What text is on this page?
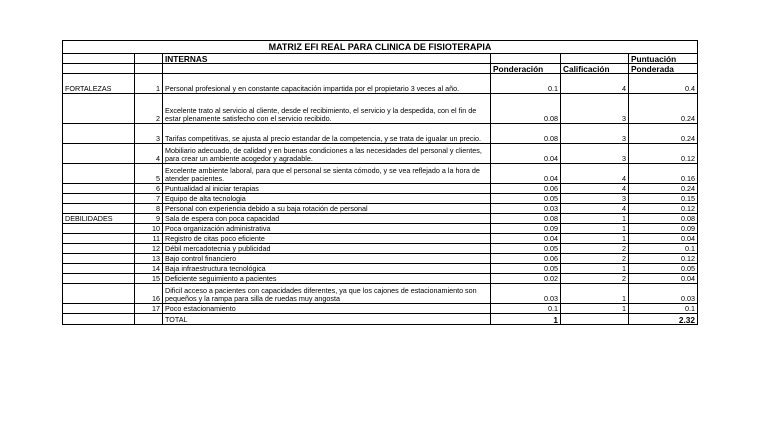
MATRIZ EFI REAL PARA CLINICA DE FISIOTERAPIA					
		INTERNAS			Puntuación
			Ponderación	Calificación	Ponderada
FORTALEZAS	1	Personal profesional y en constante capacitación impartida por el propietario 3 veces al año.	0.1	4	0.4
	2	Excelente trato al servicio al cliente, desde el recibimiento, el servicio y la despedida, con el fin de estar plenamente satisfecho con el servicio recibido.	0.08	3	0.24
	3	Tarifas competitivas, se ajusta al precio estandar de la competencia, y se trata de igualar un precio.	0.08	3	0.24
	4	Mobiliario adecuado, de calidad y en buenas condiciones a las necesidades del personal y clientes, para crear un ambiente acogedor y agradable.	0.04	3	0.12
	5	Excelente ambiente laboral, para que el personal se sienta cómodo, y se vea reflejado a la hora de atender pacientes.	0.04	4	0.16
	6	Puntualidad al iniciar terapias	0.06	4	0.24
	7	Equipo de alta tecnologia	0.05	3	0.15
	8	Personal con experiencia debido a su baja rotación de personal	0.03	4	0.12
DEBILIDADES	9	Sala de espera con poca capacidad	0.08	1	0.08
	10	Poca organización administrativa	0.09	1	0.09
	11	Registro de citas poco eficiente	0.04	1	0.04
	12	Débil mercadotecnia y publicidad	0.05	2	0.1
	13	Bajo control financiero	0.06	2	0.12
	14	Baja infraestructura tecnológica	0.05	1	0.05
	15	Deficiente seguimiento a pacientes	0.02	2	0.04
	16	Dificil acceso a pacientes con capacidades diferentes, ya que los cajones de estacionamiento son pequeños y la rampa para silla de ruedas muy angosta	0.03	1	0.03
	17	Poco estacionamiento	0.1	1	0.1
		TOTAL	1		2.32
